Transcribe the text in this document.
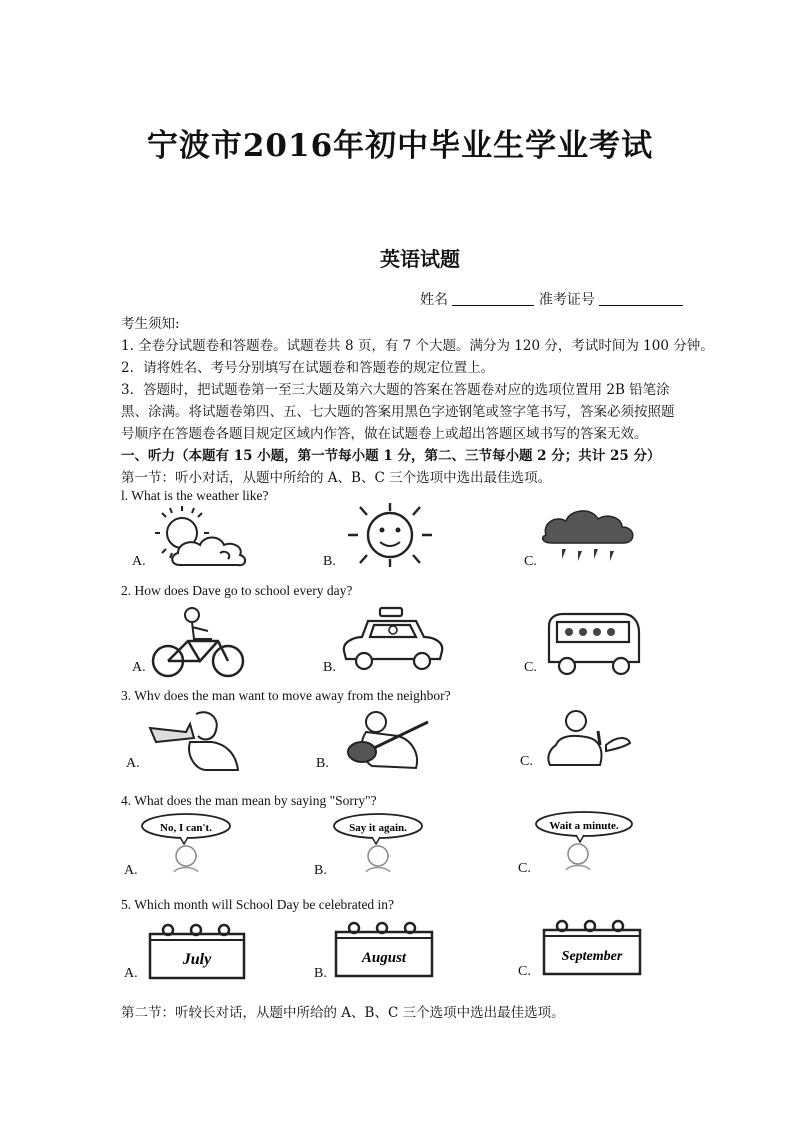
宁波市2016年初中毕业生学业考试
英语试题
姓名	准考证号
考生须知:
1. 全卷分试题卷和答题卷。试题卷共 8 页，有 7 个大题。满分为 120 分，考试时间为 100 分钟。
2．请将姓名、考号分别填写在试题卷和答题卷的规定位置上。
3．答题时，把试题卷第一至三大题及第六大题的答案在答题卷对应的选项位置用 2B 铅笔涂
黑、涂满。将试题卷第四、五、七大题的答案用黑色字迹钢笔或签字笔书写，答案必须按照题
号顺序在答题卷各题目规定区域内作答，做在试题卷上或超出答题区域书写的答案无效。
一、听力（本题有 15 小题，第一节每小题 1 分，第二、三节每小题 2 分；共计 25 分）
第一节：听小对话，从题中所给的 A、B、C 三个选项中选出最佳选项。
l. What is the weather like?
A.	B.	C.
2. How does Dave go to school every day?
A.	B.	C.
3. Whv does the man want to move away from the neighbor?
A.	B.	C.
4. What does the man mean by saying "Sorry"?
No, I can't.
A.
Say it again.
B.
Wait a minute.
C.
5. Which month will School Day be celebrated in?
July
A.
August
B.
September
C.
第二节：听较长对话，从题中所给的 A、B、C 三个选项中选出最佳选项。
